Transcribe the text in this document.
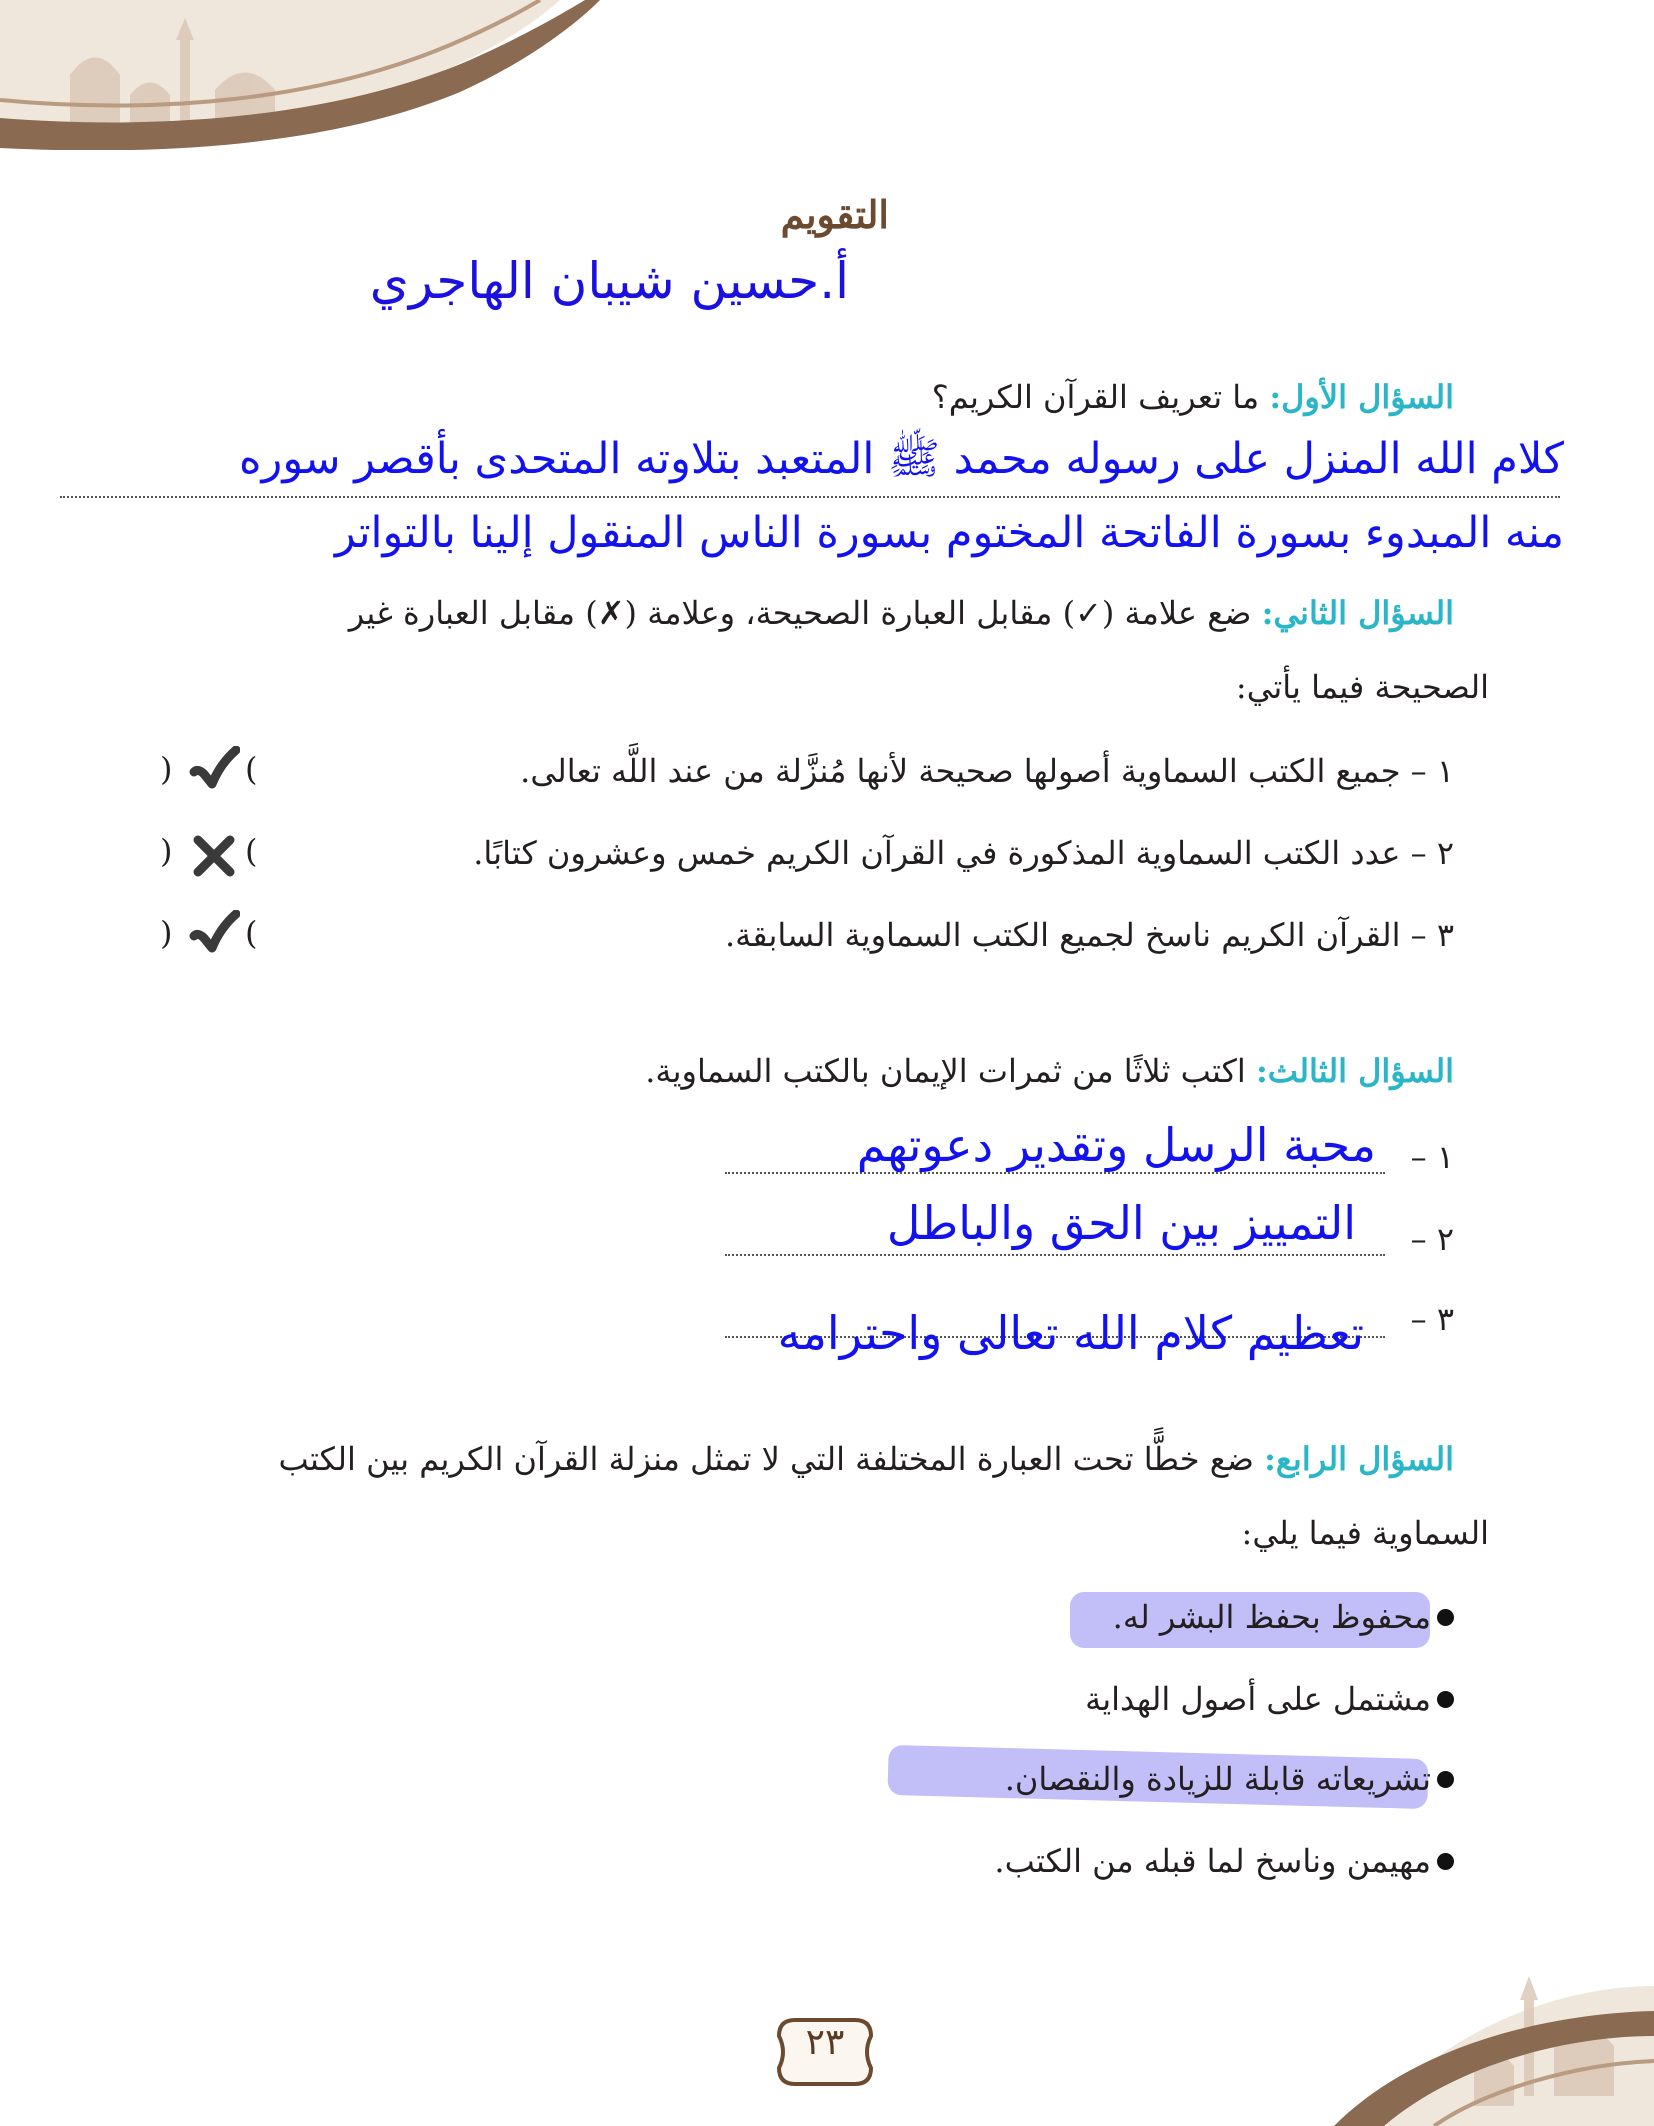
التقويم
أ.حسين شيبان الهاجري
السؤال الأول: ما تعريف القرآن الكريم؟
كلام الله المنزل على رسوله محمد ﷺ المتعبد بتلاوته المتحدى بأقصر سوره
منه المبدوء بسورة الفاتحة المختوم بسورة الناس المنقول إلينا بالتواتر
السؤال الثاني: ضع علامة (✓) مقابل العبارة الصحيحة، وعلامة (✗) مقابل العبارة غير
الصحيحة فيما يأتي:
١ – جميع الكتب السماوية أصولها صحيحة لأنها مُنزَّلة من عند اللَّه تعالى.
٢ – عدد الكتب السماوية المذكورة في القرآن الكريم خمس وعشرون كتابًا.
٣ – القرآن الكريم ناسخ لجميع الكتب السماوية السابقة.
) (
) (
) (
السؤال الثالث: اكتب ثلاثًا من ثمرات الإيمان بالكتب السماوية.
١ –
محبة الرسل وتقدير دعوتهم
٢ –
التمييز بين الحق والباطل
٣ –
تعظيم كلام الله تعالى واحترامه
السؤال الرابع: ضع خطًّا تحت العبارة المختلفة التي لا تمثل منزلة القرآن الكريم بين الكتب
السماوية فيما يلي:
محفوظ بحفظ البشر له.
مشتمل على أصول الهداية
تشريعاته قابلة للزيادة والنقصان.
مهيمن وناسخ لما قبله من الكتب.
٢٣
